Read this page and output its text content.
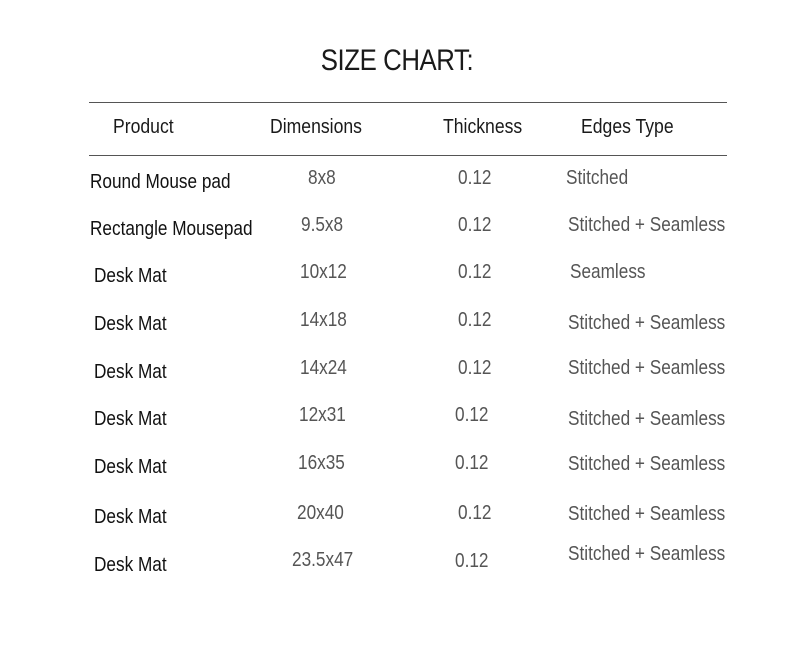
SIZE CHART:
Product	Dimensions	Thickness	Edges Type
Round Mouse pad	8x8	0.12	Stitched
Rectangle Mousepad 9.5x8	0.12	Stitched + Seamless
Desk Mat	10x12	0.12	Seamless
Desk Mat	14x18	0.12	Stitched + Seamless
Desk Mat	14x24	0.12	Stitched + Seamless
Desk Mat	12x31	0.12	Stitched + Seamless
Desk Mat	16x35	0.12	Stitched + Seamless
Desk Mat	20x40	0.12	Stitched + Seamless
Desk Mat	23.5x47	0.12	Stitched + Seamless
